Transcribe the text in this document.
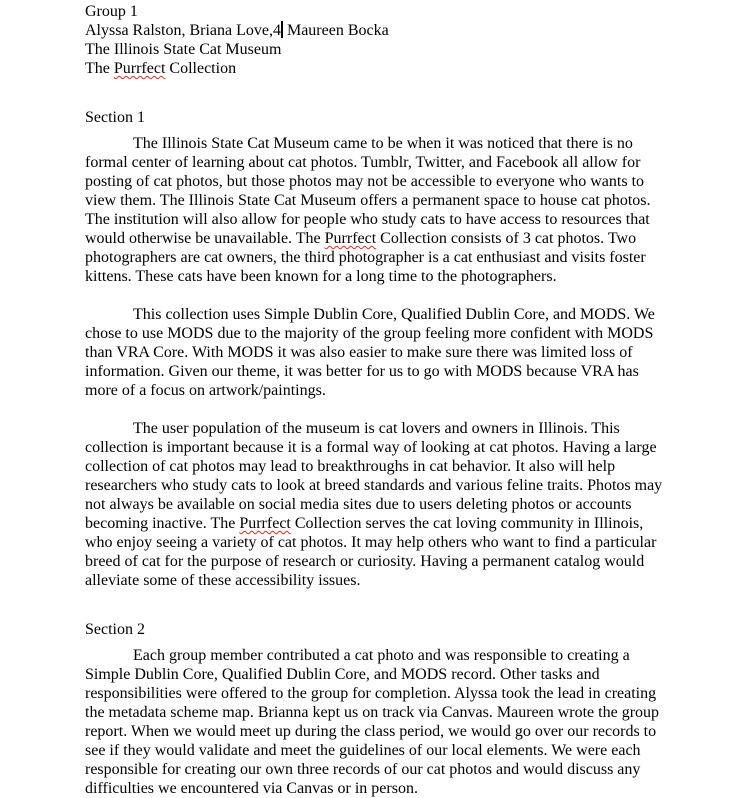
Group 1

Alyssa Ralston, Briana Love,4 Maureen Bocka

The Illinois State Cat Museum

The Purrfect Collection

Section 1

The Illinois State Cat Museum came to be when it was noticed that there is no formal center of learning about cat photos. Tumblr, Twitter, and Facebook all allow for posting of cat photos, but those photos may not be accessible to everyone who wants to view them. The Illinois State Cat Museum offers a permanent space to house cat photos. The institution will also allow for people who study cats to have access to resources that would otherwise be unavailable. The Purrfect Collection consists of 3 cat photos. Two photographers are cat owners, the third photographer is a cat enthusiast and visits foster kittens. These cats have been known for a long time to the photographers.

This collection uses Simple Dublin Core, Qualified Dublin Core, and MODS. We chose to use MODS due to the majority of the group feeling more confident with MODS than VRA Core. With MODS it was also easier to make sure there was limited loss of information. Given our theme, it was better for us to go with MODS because VRA has more of a focus on artwork/paintings.

The user population of the museum is cat lovers and owners in Illinois. This collection is important because it is a formal way of looking at cat photos. Having a large collection of cat photos may lead to breakthroughs in cat behavior. It also will help researchers who study cats to look at breed standards and various feline traits. Photos may not always be available on social media sites due to users deleting photos or accounts becoming inactive. The Purrfect Collection serves the cat loving community in Illinois, who enjoy seeing a variety of cat photos. It may help others who want to find a particular breed of cat for the purpose of research or curiosity. Having a permanent catalog would alleviate some of these accessibility issues.

Section 2

Each group member contributed a cat photo and was responsible to creating a Simple Dublin Core, Qualified Dublin Core, and MODS record. Other tasks and responsibilities were offered to the group for completion. Alyssa took the lead in creating the metadata scheme map. Brianna kept us on track via Canvas. Maureen wrote the group report. When we would meet up during the class period, we would go over our records to see if they would validate and meet the guidelines of our local elements. We were each responsible for creating our own three records of our cat photos and would discuss any difficulties we encountered via Canvas or in person.
